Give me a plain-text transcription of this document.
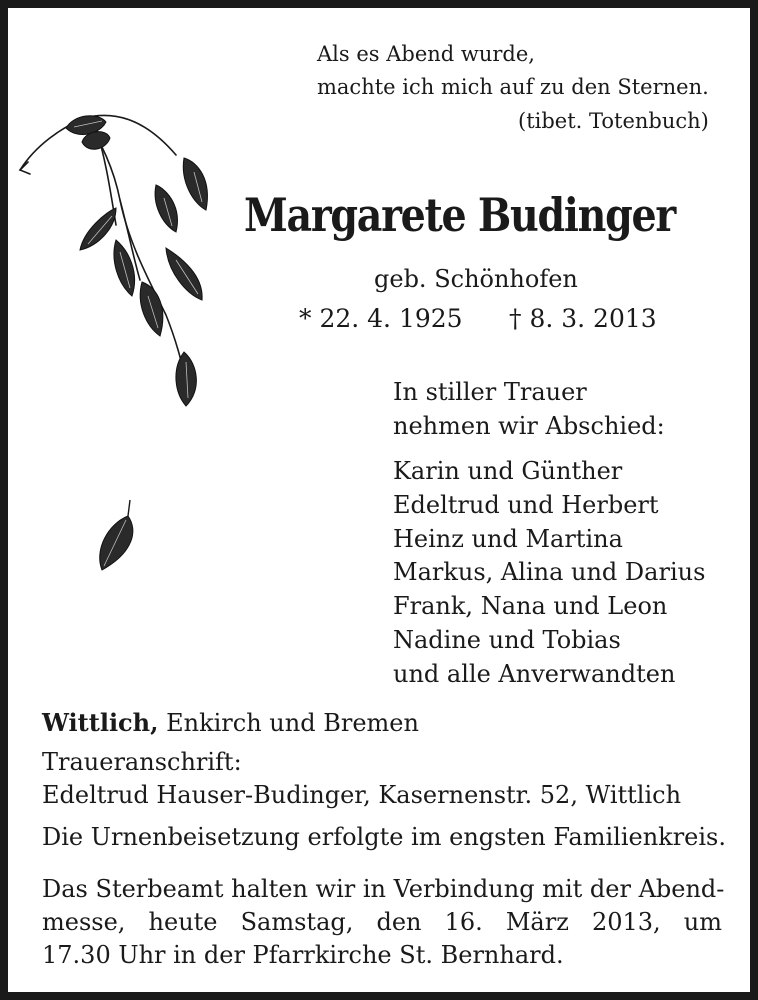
Als es Abend wurde,
machte ich mich auf zu den Sternen.
(tibet. Totenbuch)
Margarete Budinger
geb. Schönhofen
* 22. 4. 1925 † 8. 3. 2013
In stiller Trauer
nehmen wir Abschied:
Karin und Günther
Edeltrud und Herbert
Heinz und Martina
Markus, Alina und Darius
Frank, Nana und Leon
Nadine und Tobias
und alle Anverwandten
Wittlich, Enkirch und Bremen
Traueranschrift:
Edeltrud Hauser-Budinger, Kasernenstr. 52, Wittlich
Die Urnenbeisetzung erfolgte im engsten Familienkreis.
Das Sterbeamt halten wir in Verbindung mit der Abend-
messe, heute Samstag, den 16. März 2013, um
17.30 Uhr in der Pfarrkirche St. Bernhard.
